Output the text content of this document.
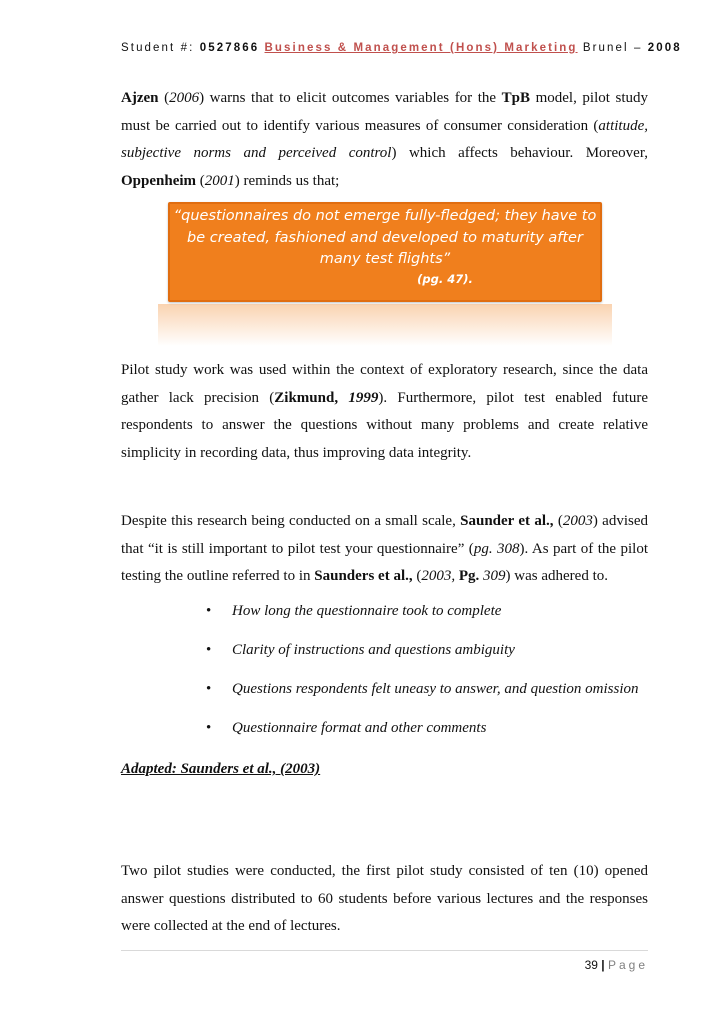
Student #: 0527866 Business & Management (Hons) Marketing Brunel – 2008
Ajzen (2006) warns that to elicit outcomes variables for the TpB model, pilot study must be carried out to identify various measures of consumer consideration (attitude, subjective norms and perceived control) which affects behaviour. Moreover, Oppenheim (2001) reminds us that;
“questionnaires do not emerge fully-fledged; they have to be created, fashioned and developed to maturity after many test flights”
(pg. 47).
Pilot study work was used within the context of exploratory research, since the data gather lack precision (Zikmund, 1999). Furthermore, pilot test enabled future respondents to answer the questions without many problems and create relative simplicity in recording data, thus improving data integrity.
Despite this research being conducted on a small scale, Saunder et al., (2003) advised that “it is still important to pilot test your questionnaire” (pg. 308). As part of the pilot testing the outline referred to in Saunders et al., (2003, Pg. 309) was adhered to.
• How long the questionnaire took to complete
• Clarity of instructions and questions ambiguity
• Questions respondents felt uneasy to answer, and question omission
• Questionnaire format and other comments
Adapted: Saunders et al., (2003)
Two pilot studies were conducted, the first pilot study consisted of ten (10) opened answer questions distributed to 60 students before various lectures and the responses were collected at the end of lectures.
39 | Page
